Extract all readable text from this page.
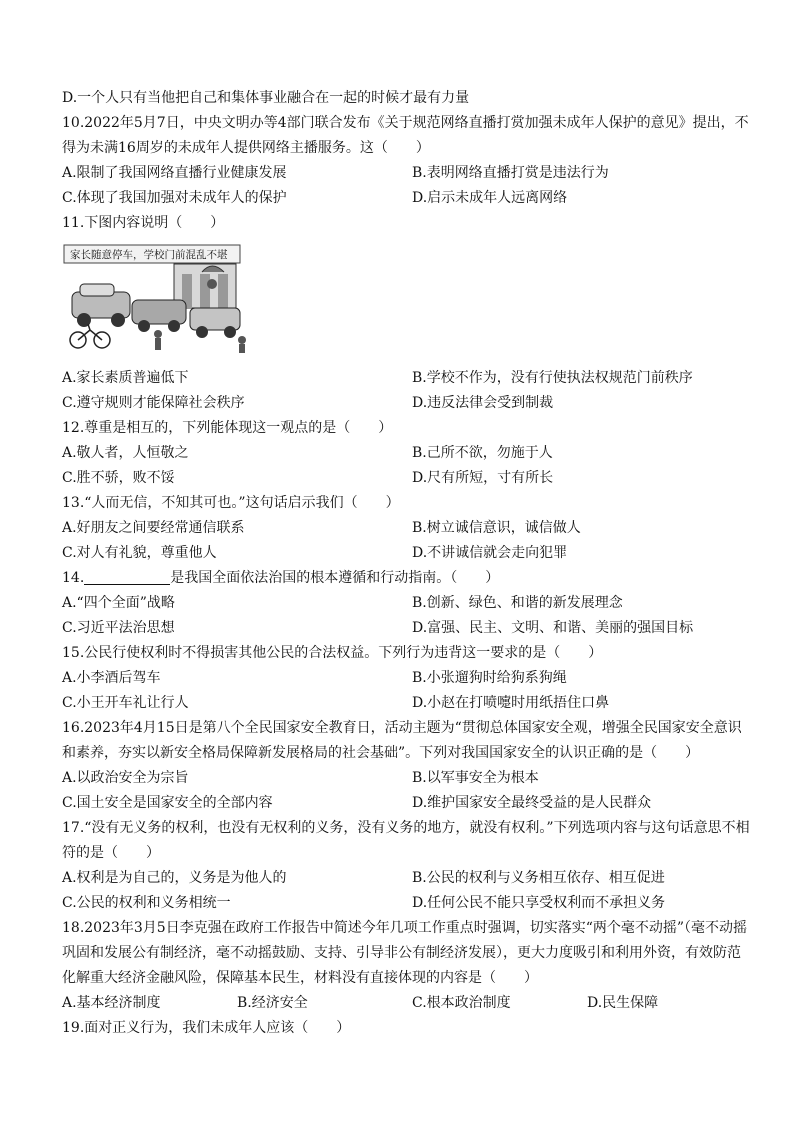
D.一个人只有当他把自己和集体事业融合在一起的时候才最有力量
10.2022年5月7日，中央文明办等4部门联合发布《关于规范网络直播打赏加强未成年人保护的意见》提出，不得为未满16周岁的未成年人提供网络主播服务。这（　　）
A.限制了我国网络直播行业健康发展	B.表明网络直播打赏是违法行为
C.体现了我国加强对未成年人的保护	D.启示未成年人远离网络
11.下图内容说明（　　）
家长随意停车，学校门前混乱不堪
A.家长素质普遍低下	B.学校不作为，没有行使执法权规范门前秩序
C.遵守规则才能保障社会秩序	D.违反法律会受到制裁
12.尊重是相互的，下列能体现这一观点的是（　　）
A.敬人者，人恒敬之	B.己所不欲，勿施于人
C.胜不骄，败不馁	D.尺有所短，寸有所长
13.“人而无信，不知其可也。”这句话启示我们（　　）
A.好朋友之间要经常通信联系	B.树立诚信意识，诚信做人
C.对人有礼貌，尊重他人	D.不讲诚信就会走向犯罪
14.	是我国全面依法治国的根本遵循和行动指南。（　　）
A.“四个全面”战略	B.创新、绿色、和谐的新发展理念
C.习近平法治思想	D.富强、民主、文明、和谐、美丽的强国目标
15.公民行使权利时不得损害其他公民的合法权益。下列行为违背这一要求的是（　　）
A.小李酒后驾车	B.小张遛狗时给狗系狗绳
C.小王开车礼让行人	D.小赵在打喷嚏时用纸捂住口鼻
16.2023年4月15日是第八个全民国家安全教育日，活动主题为“贯彻总体国家安全观，增强全民国家安全意识和素养，夯实以新安全格局保障新发展格局的社会基础”。下列对我国国家安全的认识正确的是（　　）
A.以政治安全为宗旨	B.以军事安全为根本
C.国土安全是国家安全的全部内容	D.维护国家安全最终受益的是人民群众
17.“没有无义务的权利，也没有无权利的义务，没有义务的地方，就没有权利。”下列选项内容与这句话意思不相符的是（　　）
A.权利是为自己的，义务是为他人的	B.公民的权利与义务相互依存、相互促进
C.公民的权利和义务相统一	D.任何公民不能只享受权利而不承担义务
18.2023年3月5日李克强在政府工作报告中简述今年几项工作重点时强调，切实落实“两个毫不动摇”（毫不动摇巩固和发展公有制经济，毫不动摇鼓励、支持、引导非公有制经济发展），更大力度吸引和利用外资，有效防范化解重大经济金融风险，保障基本民生，材料没有直接体现的内容是（　　）
A.基本经济制度	B.经济安全	C.根本政治制度	D.民生保障
19.面对正义行为，我们未成年人应该（　　）
